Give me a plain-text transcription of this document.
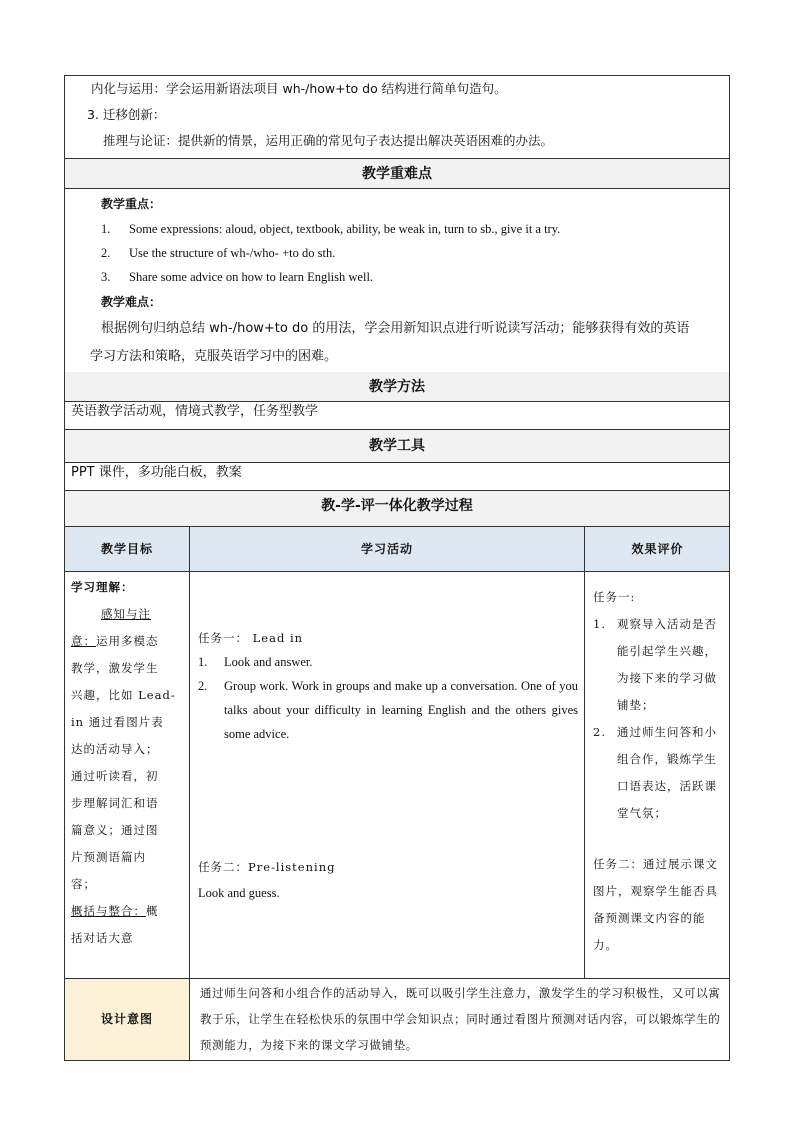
内化与运用：学会运用新语法项目 wh-/how+to do 结构进行简单句造句。

3. 迁移创新：

推理与论证：提供新的情景，运用正确的常见句子表达提出解决英语困难的办法。

教学重难点

教学重点：

1. Some expressions: aloud, object, textbook, ability, be weak in, turn to sb., give it a try.
2. Use the structure of wh-/who- +to do sth.
3. Share some advice on how to learn English well.

教学难点：

根据例句归纳总结 wh-/how+to do 的用法，学会用新知识点进行听说读写活动；能够获得有效的英语

学习方法和策略，克服英语学习中的困难。

教学方法
英语教学活动观，情境式教学，任务型教学
教学工具
PPT 课件，多功能白板，教案
教-学-评一体化教学过程
教学目标	学习活动	效果评价

学习理解：

感知与注

意：运用多模态

教学，激发学生

兴趣，比如 Lead-

in 通过看图片表

达的活动导入；

通过听读看，初

步理解词汇和语

篇意义；通过图

片预测语篇内

容；

概括与整合：概

括对话大意

任务一： Lead in

1. Look and answer.
2. Group work. Work in groups and make up a conversation. One of you talks about your difficulty in learning English and the others gives some advice.

任务二：Pre-listening

Look and guess.

任务一:

1. 观察导入活动是否能引起学生兴趣，为接下来的学习做铺垫；
2. 通过师生问答和小组合作，锻炼学生口语表达，活跃课堂气氛；

任务二：通过展示课文图片，观察学生能否具备预测课文内容的能力。

设计意图
通过师生问答和小组合作的活动导入，既可以吸引学生注意力，激发学生的学习积极性，又可以寓教于乐，让学生在轻松快乐的氛围中学会知识点；同时通过看图片预测对话内容，可以锻炼学生的预测能力，为接下来的课文学习做铺垫。
